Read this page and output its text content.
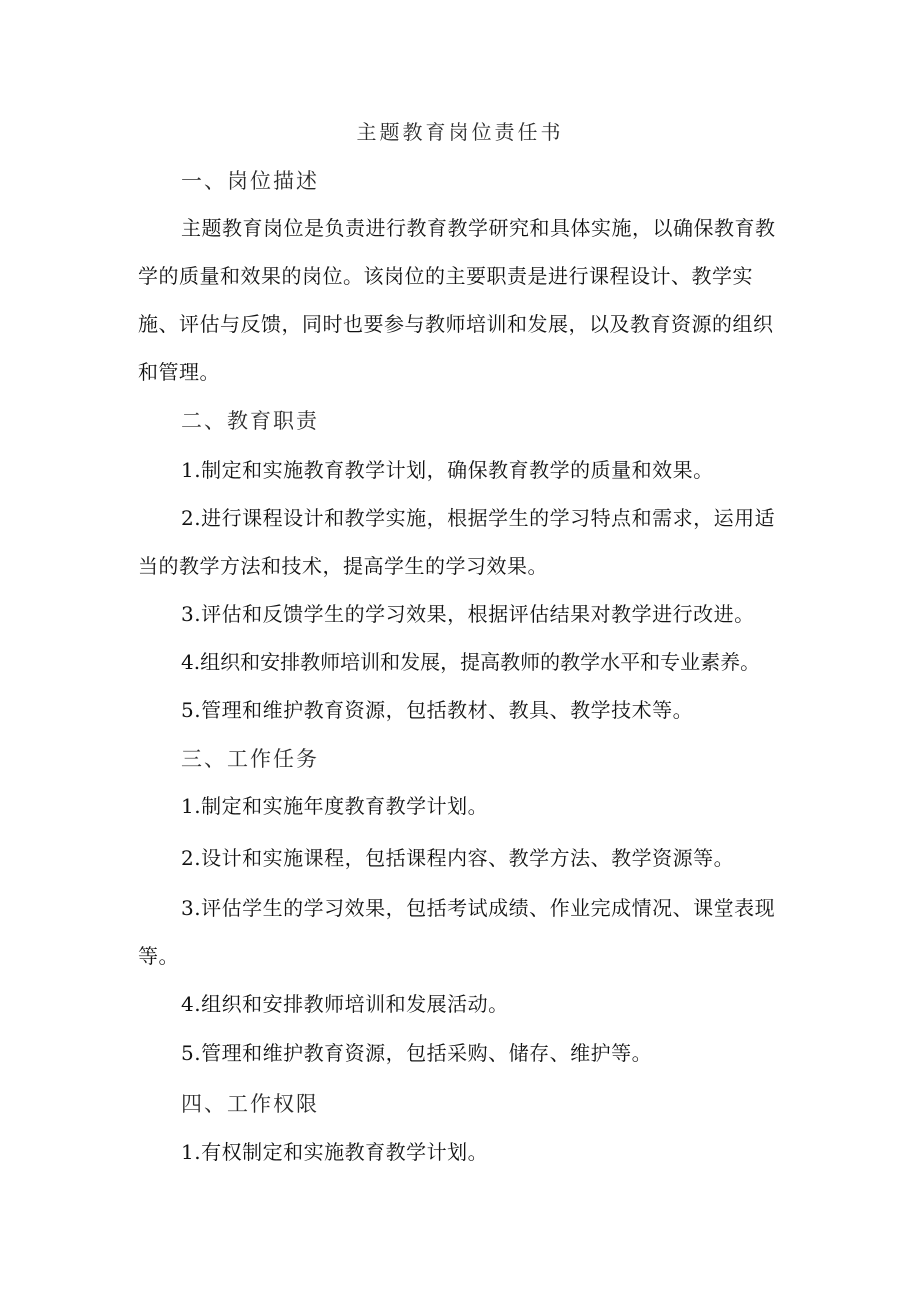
主题教育岗位责任书
一、岗位描述
主题教育岗位是负责进行教育教学研究和具体实施，以确保教育教学的质量和效果的岗位。该岗位的主要职责是进行课程设计、教学实施、评估与反馈，同时也要参与教师培训和发展，以及教育资源的组织和管理。
二、教育职责
1.制定和实施教育教学计划，确保教育教学的质量和效果。
2.进行课程设计和教学实施，根据学生的学习特点和需求，运用适当的教学方法和技术，提高学生的学习效果。
3.评估和反馈学生的学习效果，根据评估结果对教学进行改进。
4.组织和安排教师培训和发展，提高教师的教学水平和专业素养。
5.管理和维护教育资源，包括教材、教具、教学技术等。
三、工作任务
1.制定和实施年度教育教学计划。
2.设计和实施课程，包括课程内容、教学方法、教学资源等。
3.评估学生的学习效果，包括考试成绩、作业完成情况、课堂表现等。
4.组织和安排教师培训和发展活动。
5.管理和维护教育资源，包括采购、储存、维护等。
四、工作权限
1.有权制定和实施教育教学计划。
